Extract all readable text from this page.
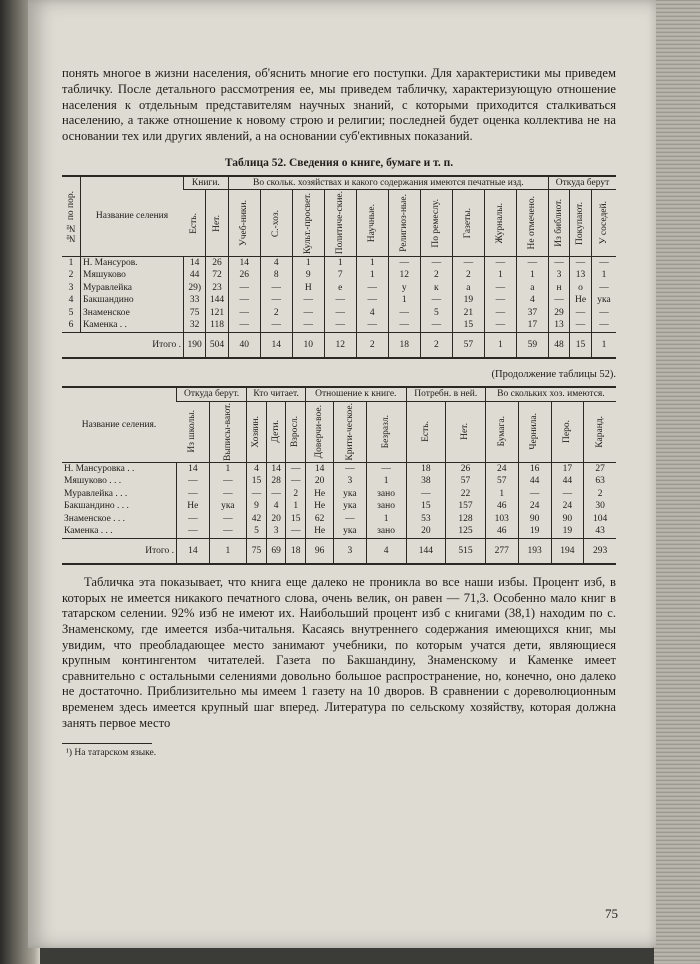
понять многое в жизни населения, об'яснить многие его поступки. Для характеристики мы приведем табличку. После детального рассмотрения ее, мы приведем табличку, характеризующую отношение населения к отдельным представителям научных знаний, с которыми приходится сталкиваться населению, а также отношение к новому строю и религии; последней будет оценка коллектива не на основании тех или других явлений, а на основании суб'ективных показаний.

Таблица 52. Сведения о книге, бумаге и т. п.
№№ по пор.	Название селения	Книги.		Во скольк. хозяйствах и какого содержания имеются печатные изд.										Откуда берут		

		Есть.	Нет.	Учеб-ники.	С.-хоз.	Культ.-просвет.	Политиче-ские.	Научные.	Религиоз-ные.	По ремеслу.	Газеты.	Журналы.	Не отмечено.	Из библиот.	Покупают.	У соседей.

1	Н. Мансуров.	14	26	14	4	1	1	1	—	—	—	—	—	—	—	—
2	Мяшуково	44	72	26	8	9	7	1	12	2	2	1	1	3	13	1
3	Муравлейка	29)	23	—	—	Н	е	—	у	к	а	—	а	н	о	—
4	Бакшандино	33	144	—	—	—	—	—	1	—	19	—	4	—	Не	ука
5	Знаменское	75	121	—	2	—	—	4	—	5	21	—	37	29	—	—
6	Каменка . .	32	118	—	—	—	—	—	—	—	15	—	17	13	—	—
Итого .		190	504	40	14	10	12	2	18	2	57	1	59	48	15	1
(Продолжение таблицы 52).
Название селения.	Откуда берут.		Кто читает.			Отношение к книге.			Потребн. в ней.		Во скольких хоз. имеются.			

	Из школы.	Выписы-вают.	Хозяин.	Дети.	Взросл.	Доверчи-вое.	Крити-ческое.	Безразл.	Есть.	Нет.	Бумага.	Чернила.	Перо.	Каранд.

Н. Мансуровка . .	14	1	4	14	—	14	—	—	18	26	24	16	17	27
Мяшуково . . .	—	—	15	28	—	20	3	1	38	57	57	44	44	63
Муравлейка . . .	—	—	—	—	2	Не	ука	зано	—	22	1	—	—	2
Бакшандино . . .	Не	ука	9	4	1	Не	ука	зано	15	157	46	24	24	30
Знаменское . . .	—	—	42	20	15	62	—	1	53	128	103	90	90	104
Каменка . . .	—	—	5	3	—	Не	ука	зано	20	125	46	19	19	43
Итого .	14	1	75	69	18	96	3	4	144	515	277	193	194	293

Табличка эта показывает, что книга еще далеко не проникла во все наши избы. Процент изб, в которых не имеется никакого печатного слова, очень велик, он равен — 71,3. Особенно мало книг в татарском селении. 92% изб не имеют их. Наибольший процент изб с книгами (38,1) находим по с. Знаменскому, где имеется изба-читальня. Касаясь внутреннего содержания имеющихся книг, мы увидим, что преобладающее место занимают учебники, по которым учатся дети, являющиеся крупным контингентом читателей. Газета по Бакшандину, Знаменскому и Каменке имеет сравнительно с остальными селениями довольно большое распространение, но, конечно, оно далеко не достаточно. Приблизительно мы имеем 1 газету на 10 дворов. В сравнении с дореволюционным временем здесь имеется крупный шаг вперед. Литература по сельскому хозяйству, которая должна занять первое место

¹) На татарском языке.

75
